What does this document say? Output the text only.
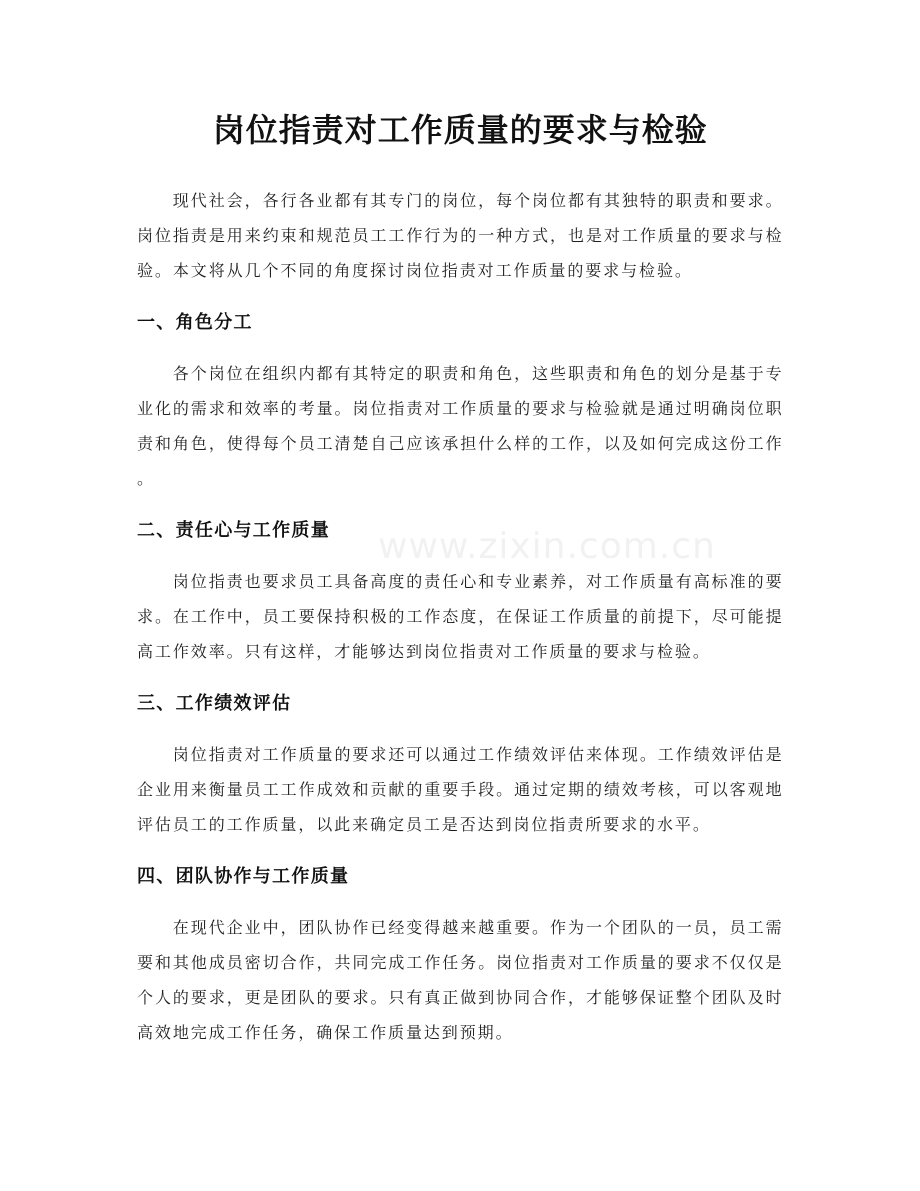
www.zixin.com.cn
岗位指责对工作质量的要求与检验

现代社会，各行各业都有其专门的岗位，每个岗位都有其独特的职责和要求。岗位指责是用来约束和规范员工工作行为的一种方式，也是对工作质量的要求与检验。本文将从几个不同的角度探讨岗位指责对工作质量的要求与检验。

一、角色分工

各个岗位在组织内都有其特定的职责和角色，这些职责和角色的划分是基于专业化的需求和效率的考量。岗位指责对工作质量的要求与检验就是通过明确岗位职责和角色，使得每个员工清楚自己应该承担什么样的工作，以及如何完成这份工作。

二、责任心与工作质量

岗位指责也要求员工具备高度的责任心和专业素养，对工作质量有高标准的要求。在工作中，员工要保持积极的工作态度，在保证工作质量的前提下，尽可能提高工作效率。只有这样，才能够达到岗位指责对工作质量的要求与检验。

三、工作绩效评估

岗位指责对工作质量的要求还可以通过工作绩效评估来体现。工作绩效评估是企业用来衡量员工工作成效和贡献的重要手段。通过定期的绩效考核，可以客观地评估员工的工作质量，以此来确定员工是否达到岗位指责所要求的水平。

四、团队协作与工作质量

在现代企业中，团队协作已经变得越来越重要。作为一个团队的一员，员工需要和其他成员密切合作，共同完成工作任务。岗位指责对工作质量的要求不仅仅是个人的要求，更是团队的要求。只有真正做到协同合作，才能够保证整个团队及时高效地完成工作任务，确保工作质量达到预期。
